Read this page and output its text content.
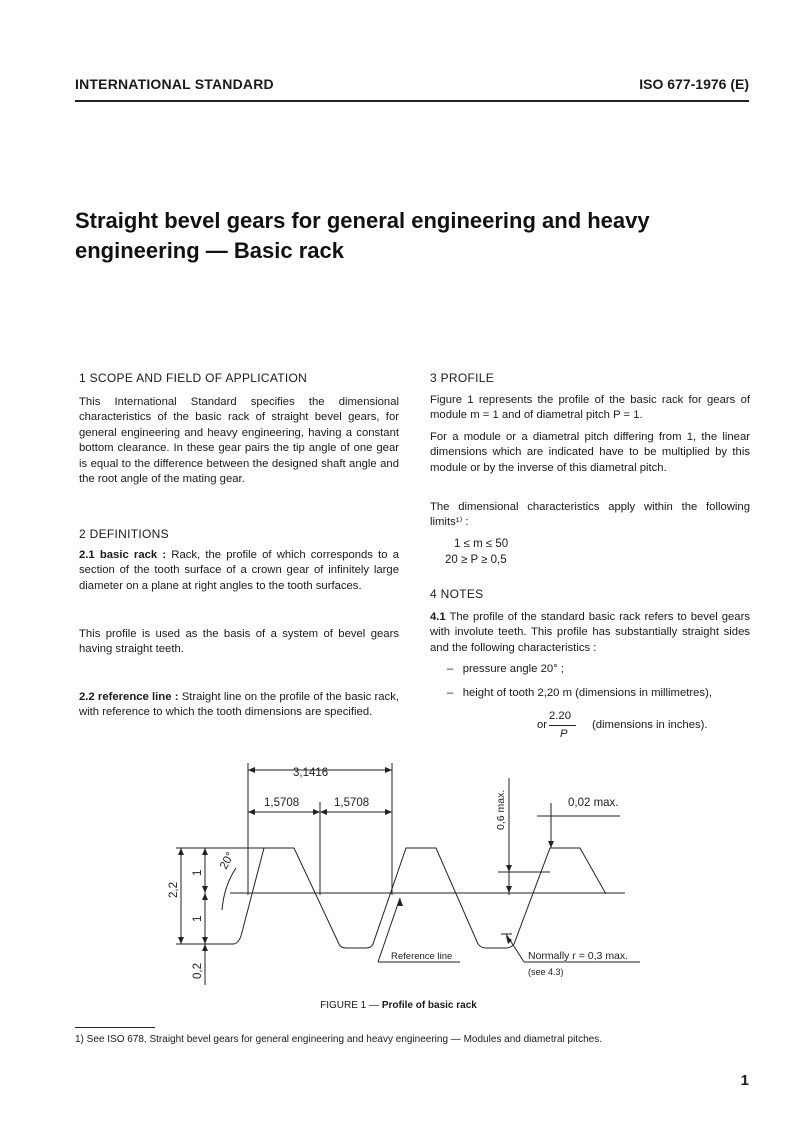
INTERNATIONAL STANDARD	ISO 677-1976 (E)
Straight bevel gears for general engineering and heavy
engineering — Basic rack
1 SCOPE AND FIELD OF APPLICATION
This International Standard specifies the dimensional characteristics of the basic rack of straight bevel gears, for general engineering and heavy engineering, having a constant bottom clearance. In these gear pairs the tip angle of one gear is equal to the difference between the designed shaft angle and the root angle of the mating gear.
2 DEFINITIONS
2.1 basic rack : Rack, the profile of which corresponds to a section of the tooth surface of a crown gear of infinitely large diameter on a plane at right angles to the tooth surfaces.
This profile is used as the basis of a system of bevel gears having straight teeth.
2.2 reference line : Straight line on the profile of the basic rack, with reference to which the tooth dimensions are specified.
3 PROFILE
Figure 1 represents the profile of the basic rack for gears of module m = 1 and of diametral pitch P = 1.
For a module or a diametral pitch differing from 1, the linear dimensions which are indicated have to be multiplied by this module or by the inverse of this diametral pitch.
The dimensional characteristics apply within the following limits¹⁾ :
1 ≤ m ≤ 50
20 ≥ P ≥ 0,5
4 NOTES
4.1 The profile of the standard basic rack refers to bevel gears with involute teeth. This profile has substantially straight sides and the following characteristics :
–   pressure angle 20° ;
–   height of tooth 2,20 m (dimensions in millimetres),
2.20
or
P
(dimensions in inches).
3,1416
1,5708	1,5708	0,02 max.
0,6 max.
2,2
1
1
0,2
20°
Reference line	Normally r = 0,3 max.
(see 4.3)
FIGURE 1 — Profile of basic rack
1) See ISO 678, Straight bevel gears for general engineering and heavy engineering — Modules and diametral pitches.
1
